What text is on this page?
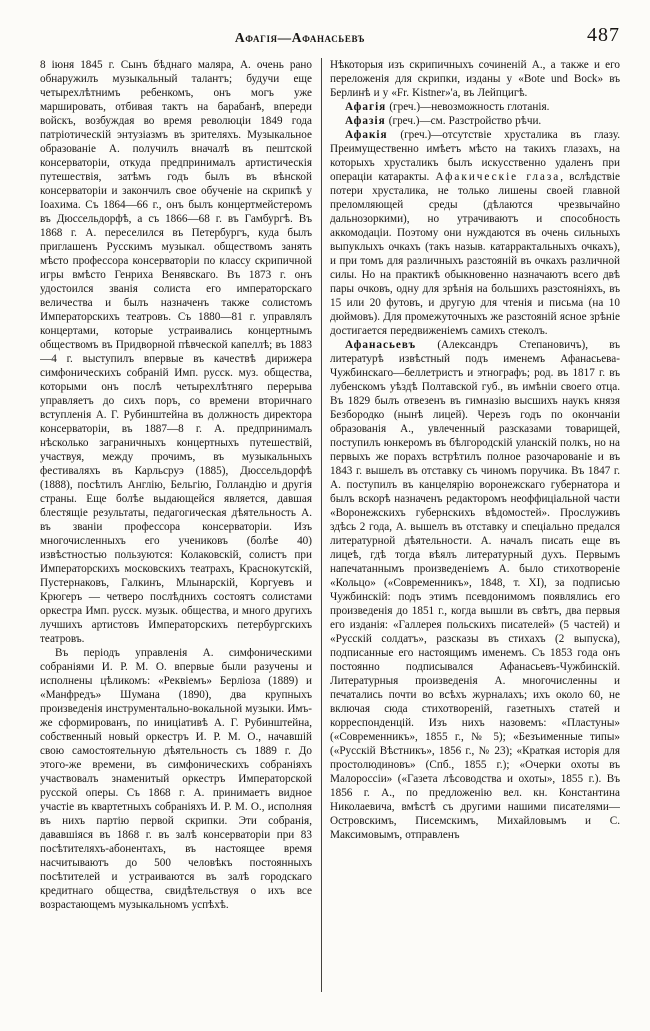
Афагія—Афанасьевъ	487

8 іюня 1845 г. Сынъ бѣднаго маляра, А. очень рано обнаружилъ музыкальный талантъ; будучи еще четырехлѣтнимъ ребенкомъ, онъ могъ уже маршировать, отбивая тактъ на барабанѣ, впереди войскъ, возбуждая во время революціи 1849 года патріотическій энтузіазмъ въ зрителяхъ. Музыкальное образованіе А. получилъ вначалѣ въ пештской консерваторіи, откуда предпринималъ артистическія путешествія, затѣмъ годъ былъ въ вѣнской консерваторіи и закончилъ свое обученіе на скрипкѣ у Іоахима. Съ 1864—66 г., онъ былъ концертмейстеромъ въ Дюссельдорфѣ, а съ 1866—68 г. въ Гамбургѣ. Въ 1868 г. А. переселился въ Петербургъ, куда былъ приглашенъ Русскимъ музыкал. обществомъ занять мѣсто профессора консерваторіи по классу скрипичной игры вмѣсто Генриха Венявскаго. Въ 1873 г. онъ удостоился званія солиста его императорскаго величества и былъ назначенъ также солистомъ Императорскихъ театровъ. Съ 1880—81 г. управлялъ концертами, которые устраивались концертнымъ обществомъ въ Придворной пѣвческой капеллѣ; въ 1883—4 г. выступилъ впервые въ качествѣ дирижера симфоническихъ собраній Имп. русск. муз. общества, которыми онъ послѣ четырехлѣтняго перерыва управляетъ до сихъ поръ, со времени вторичнаго вступленія А. Г. Рубинштейна въ должность директора консерваторіи, въ 1887—8 г. А. предпринималъ нѣсколько заграничныхъ концертныхъ путешествій, участвуя, между прочимъ, въ музыкальныхъ фестиваляхъ въ Карльсруэ (1885), Дюссельдорфѣ (1888), посѣтилъ Англію, Бельгію, Голландію и другія страны. Еще болѣе выдающейся является, давшая блестящіе результаты, педагогическая дѣятельность А. въ званіи профессора консерваторіи. Изъ многочисленныхъ его учениковъ (болѣе 40) извѣстностью пользуются: Колаковскій, солистъ при Императорскихъ московскихъ театрахъ, Краснокутскій, Пустернаковъ, Галкинъ, Млынарскій, Коргуевъ и Крюгеръ — четверо послѣднихъ состоятъ солистами оркестра Имп. русск. музык. общества, и много другихъ лучшихъ артистовъ Императорскихъ петербургскихъ театровъ.

Въ періодъ управленія А. симфоническими собраніями И. Р. М. О. впервые были разучены и исполнены цѣликомъ: «Реквіемъ» Берліоза (1889) и «Манфредъ» Шумана (1890), два крупныхъ произведенія инструментально-вокальной музыки. Имъ-же сформированъ, по иниціативѣ А. Г. Рубинштейна, собственный новый оркестръ И. Р. М. О., начавшій свою самостоятельную дѣятельность съ 1889 г. До этого-же времени, въ симфоническихъ собраніяхъ участвовалъ знаменитый оркестръ Императорской русской оперы. Съ 1868 г. А. принимаетъ видное участіе въ квартетныхъ собраніяхъ И. Р. М. О., исполняя въ нихъ партію первой скрипки. Эти собранія, дававшіяся въ 1868 г. въ залѣ консерваторіи при 83 посѣтителяхъ-абонентахъ, въ настоящее время насчитываютъ до 500 человѣкъ постоянныхъ посѣтителей и устраиваются въ залѣ городскаго кредитнаго общества, свидѣтельствуя о ихъ все возрастающемъ музыкальномъ успѣхѣ.

Нѣкоторыя изъ скрипичныхъ сочиненій А., а также и его переложенія для скрипки, изданы у «Bote und Bock» въ Берлинѣ и у «Fr. Kistner»'а, въ Лейпцигѣ.

Афагія (греч.)—невозможность глотанія.

Афазія (греч.)—см. Разстройство рѣчи.

Афакія (греч.)—отсутствіе хрусталика въ глазу. Преимущественно имѣетъ мѣсто на такихъ глазахъ, на которыхъ хрусталикъ былъ искусственно удаленъ при операціи катаракты. Афакическіе глаза, вслѣдствіе потери хрусталика, не только лишены своей главной преломляющей среды (дѣлаются чрезвычайно дальнозоркими), но утрачиваютъ и способность аккомодаціи. Поэтому они нуждаются въ очень сильныхъ выпуклыхъ очкахъ (такъ назыв. катаррактальныхъ очкахъ), и при томъ для различныхъ разстояній въ очкахъ различной силы. Но на практикѣ обыкновенно назначаютъ всего двѣ пары очковъ, одну для зрѣнія на большихъ разстояніяхъ, въ 15 или 20 футовъ, и другую для чтенія и письма (на 10 дюймовъ). Для промежуточныхъ же разстояній ясное зрѣніе достигается передвиженіемъ самихъ стеколъ.

Афанасьевъ (Александръ Степановичъ), въ литературѣ извѣстный подъ именемъ Афанасьева-Чужбинскаго—беллетристъ и этнографъ; род. въ 1817 г. въ лубенскомъ уѣздѣ Полтавской губ., въ имѣніи своего отца. Въ 1829 былъ отвезенъ въ гимназію высшихъ наукъ князя Безбородко (нынѣ лицей). Черезъ годъ по окончаніи образованія А., увлеченный разсказами товарищей, поступилъ юнкеромъ въ бѣлгородскій уланскій полкъ, но на первыхъ же порахъ встрѣтилъ полное разочарованіе и въ 1843 г. вышелъ въ отставку съ чиномъ поручика. Въ 1847 г. А. поступилъ въ канцелярію воронежскаго губернатора и былъ вскорѣ назначенъ редакторомъ неоффиціальной части «Воронежскихъ губернскихъ вѣдомостей». Прослуживъ здѣсь 2 года, А. вышелъ въ отставку и спеціально предался литературной дѣятельности. А. началъ писать еще въ лицеѣ, гдѣ тогда вѣялъ литературный духъ. Первымъ напечатаннымъ произведеніемъ А. было стихотвореніе «Кольцо» («Современникъ», 1848, т. XI), за подписью Чужбинскій: подъ этимъ псевдонимомъ появлялись его произведенія до 1851 г., когда вышли въ свѣтъ, два первыя его изданія: «Галлерея польскихъ писателей» (5 частей) и «Русскій солдатъ», разсказы въ стихахъ (2 выпуска), подписанные его настоящимъ именемъ. Съ 1853 года онъ постоянно подписывался Афанасьевъ-Чужбинскій. Литературныя произведенія А. многочисленны и печатались почти во всѣхъ журналахъ; ихъ около 60, не включая сюда стихотвореній, газетныхъ статей и корреспонденцій. Изъ нихъ назовемъ: «Пластуны» («Современникъ», 1855 г., № 5); «Безъименные типы» («Русскій Вѣстникъ», 1856 г., № 23); «Краткая исторія для простолюдиновъ» (Спб., 1855 г.); «Очерки охоты въ Малороссіи» («Газета лѣсоводства и охоты», 1855 г.). Въ 1856 г. А., по предложенію вел. кн. Константина Николаевича, вмѣстѣ съ другими нашими писателями—Островскимъ, Писемскимъ, Михайловымъ и С. Максимовымъ, отправленъ
